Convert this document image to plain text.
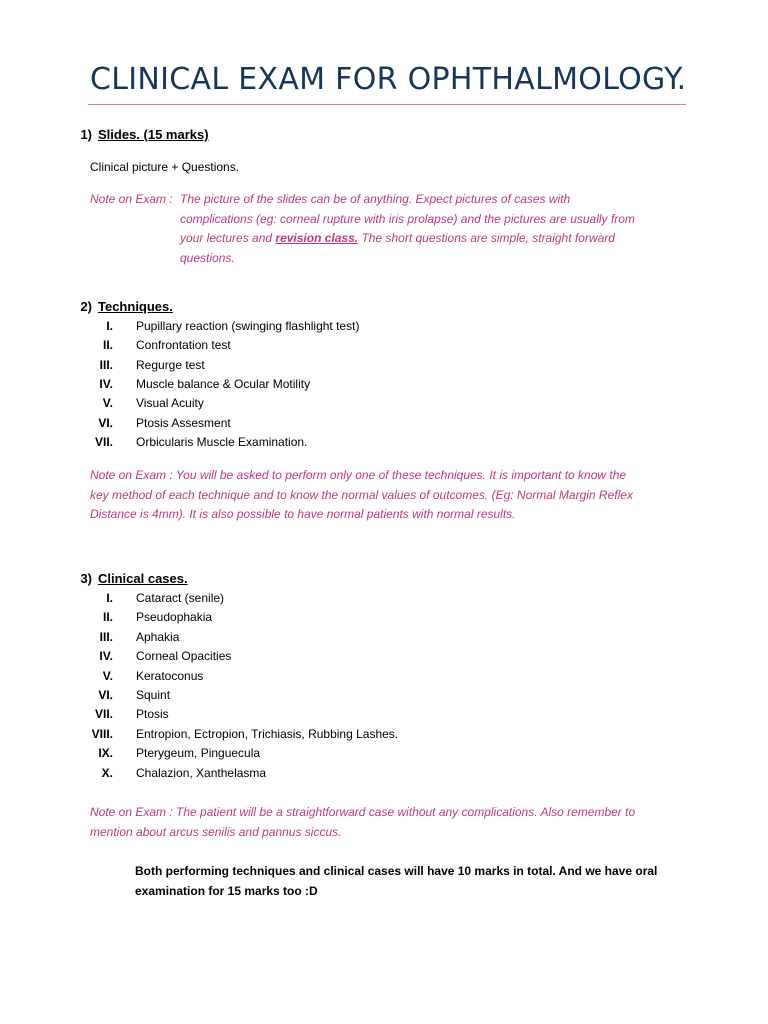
CLINICAL EXAM FOR OPHTHALMOLOGY.
1) Slides. (15 marks)
Clinical picture + Questions.
Note on Exam : The picture of the slides can be of anything. Expect pictures of cases with
complications (eg: corneal rupture with iris prolapse) and the pictures are usually from
your lectures and revision class. The short questions are simple, straight forward
questions.
2) Techniques.
I. Pupillary reaction (swinging flashlight test)
II. Confrontation test
III. Regurge test
IV. Muscle balance & Ocular Motility
V. Visual Acuity
VI. Ptosis Assesment
VII. Orbicularis Muscle Examination.
Note on Exam : You will be asked to perform only one of these techniques. It is important to know the
key method of each technique and to know the normal values of outcomes. (Eg: Normal Margin Reflex
Distance is 4mm). It is also possible to have normal patients with normal results.
3) Clinical cases.
I. Cataract (senile)
II. Pseudophakia
III. Aphakia
IV. Corneal Opacities
V. Keratoconus
VI. Squint
VII. Ptosis
VIII. Entropion, Ectropion, Trichiasis, Rubbing Lashes.
IX. Pterygeum, Pinguecula
X. Chalazion, Xanthelasma
Note on Exam : The patient will be a straightforward case without any complications. Also remember to
mention about arcus senilis and pannus siccus.
Both performing techniques and clinical cases will have 10 marks in total. And we have oral examination for 15 marks too :D
